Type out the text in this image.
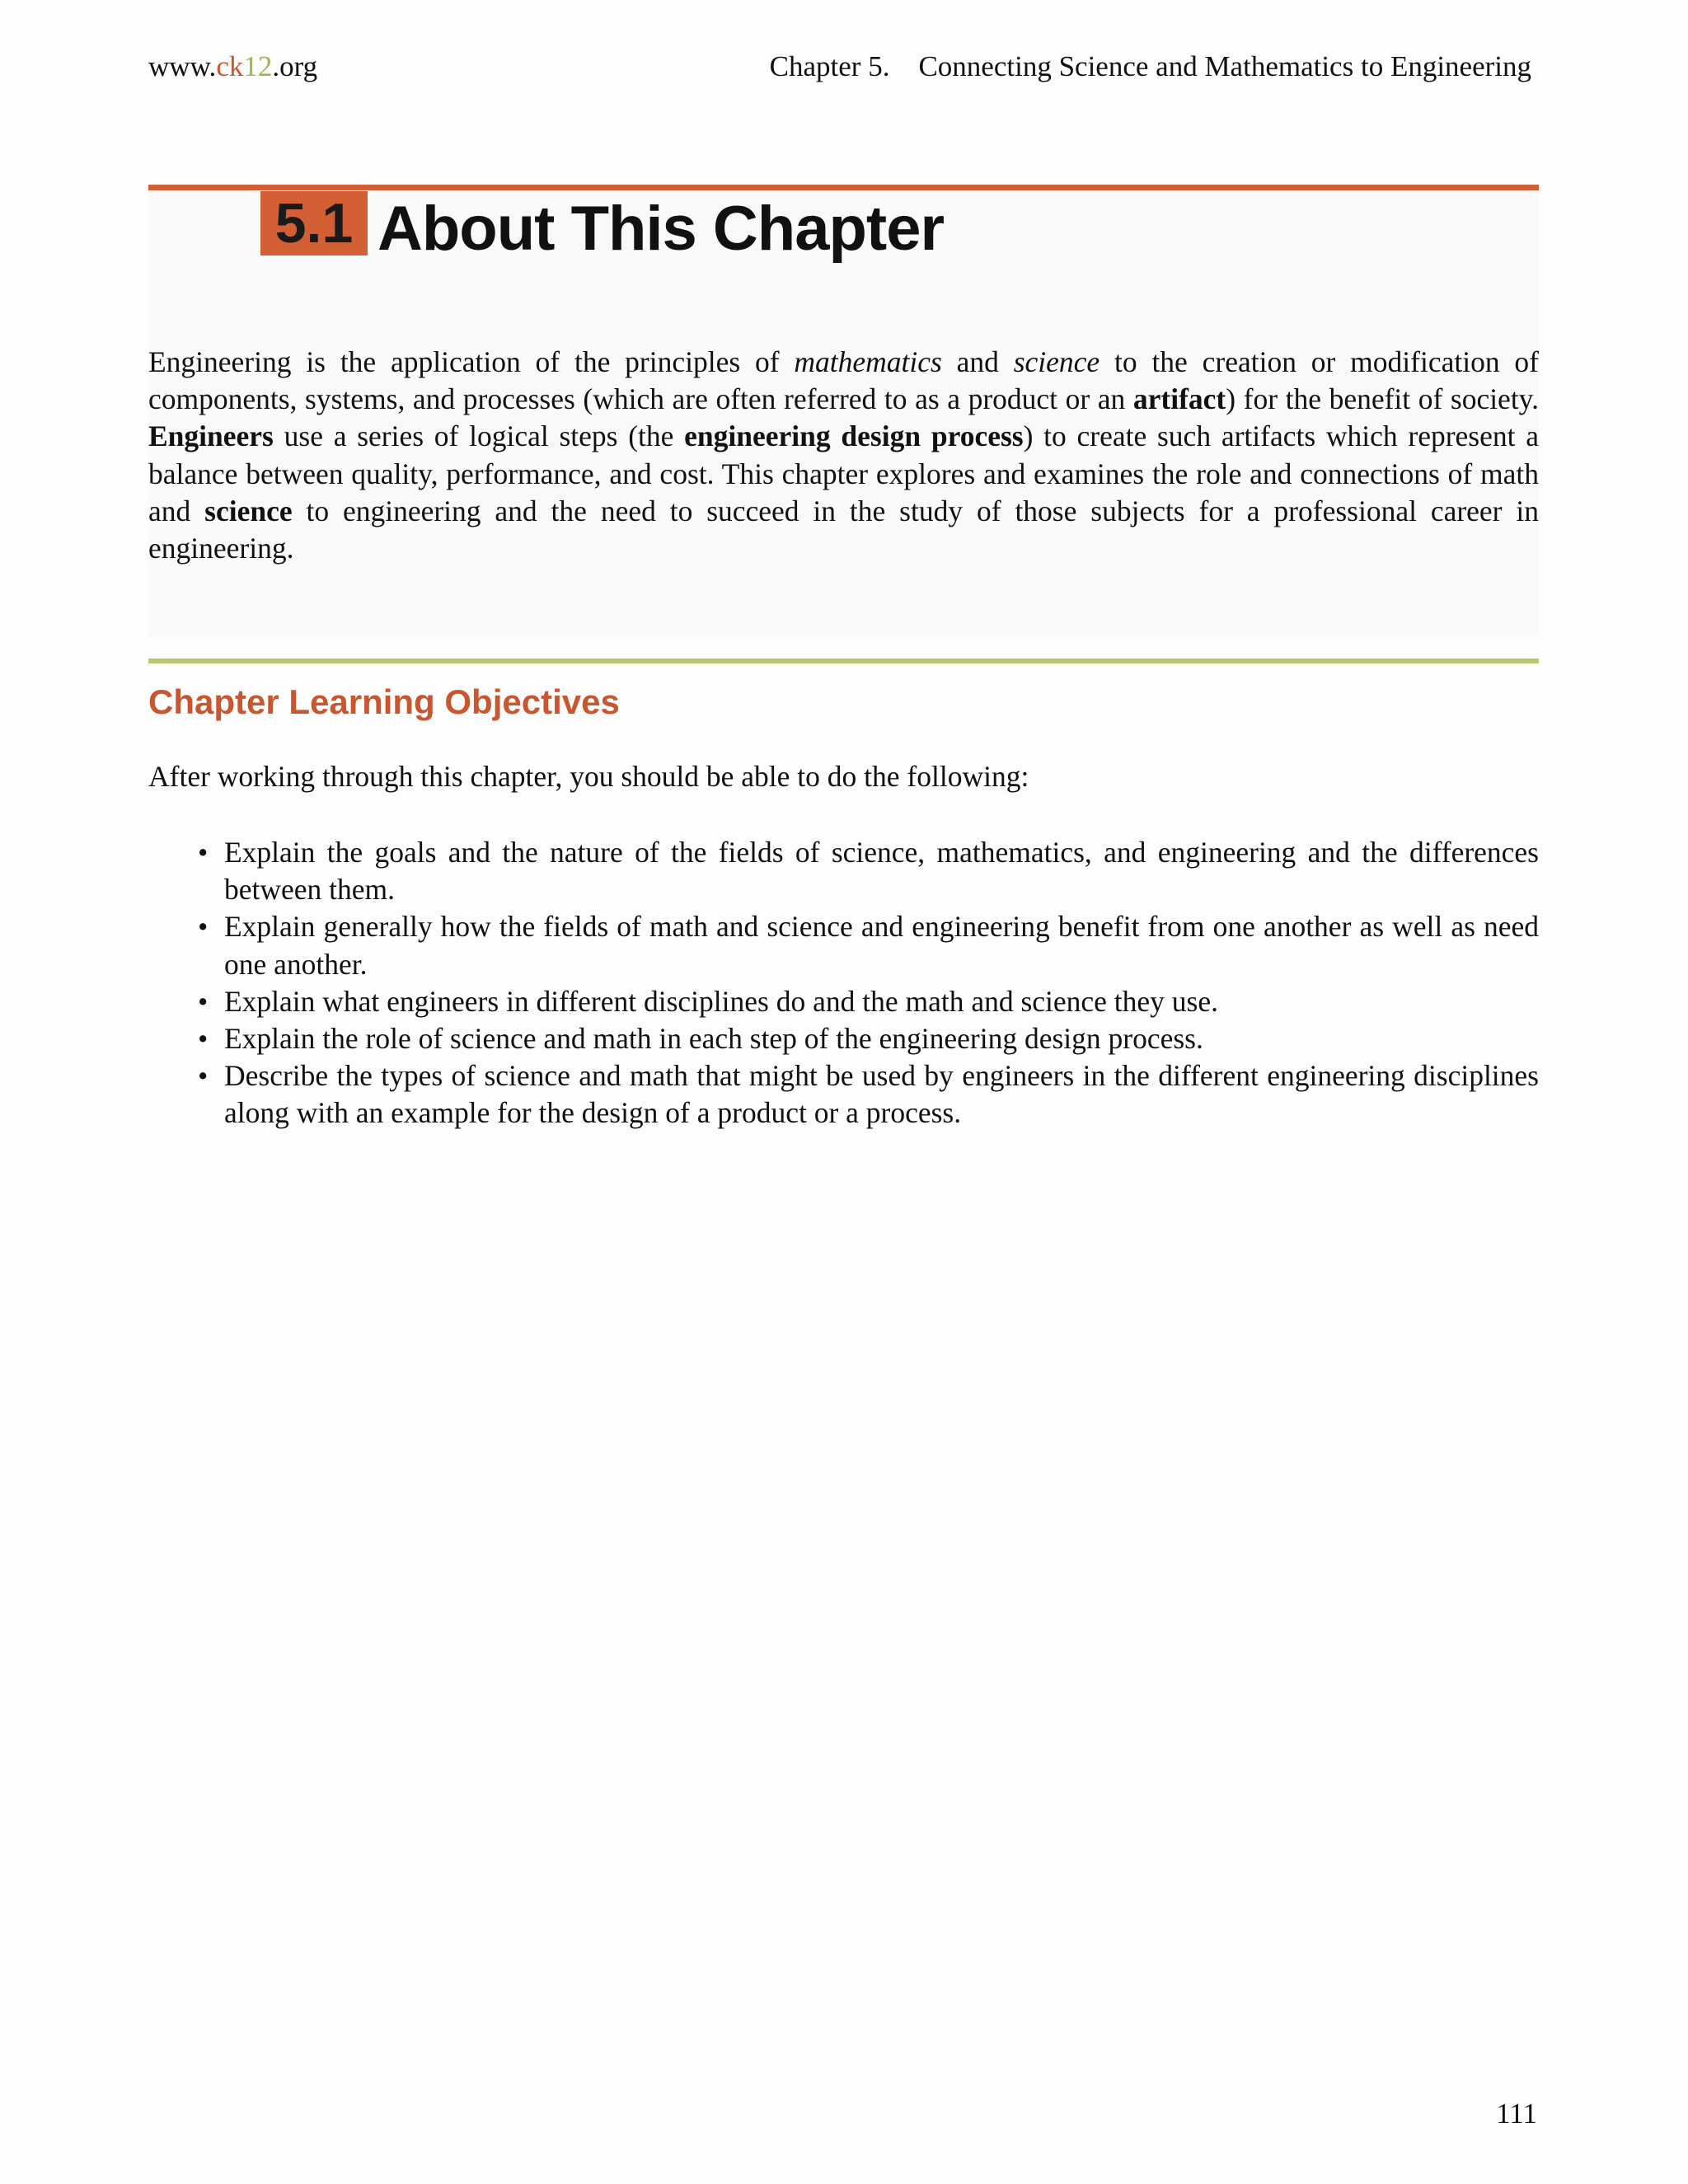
www.ck12.org	Chapter 5. Connecting Science and Mathematics to Engineering
5.1 About This Chapter
Engineering is the application of the principles of mathematics and science to the creation or modification of components, systems, and processes (which are often referred to as a product or an artifact) for the benefit of society. Engineers use a series of logical steps (the engineering design process) to create such artifacts which represent a balance between quality, performance, and cost. This chapter explores and examines the role and connections of math and science to engineering and the need to succeed in the study of those subjects for a professional career in engineering.
Chapter Learning Objectives
After working through this chapter, you should be able to do the following:
• Explain the goals and the nature of the fields of science, mathematics, and engineering and the differences between them.
• Explain generally how the fields of math and science and engineering benefit from one another as well as need one another.
• Explain what engineers in different disciplines do and the math and science they use.
• Explain the role of science and math in each step of the engineering design process.
• Describe the types of science and math that might be used by engineers in the different engineering disciplines along with an example for the design of a product or a process.
111
